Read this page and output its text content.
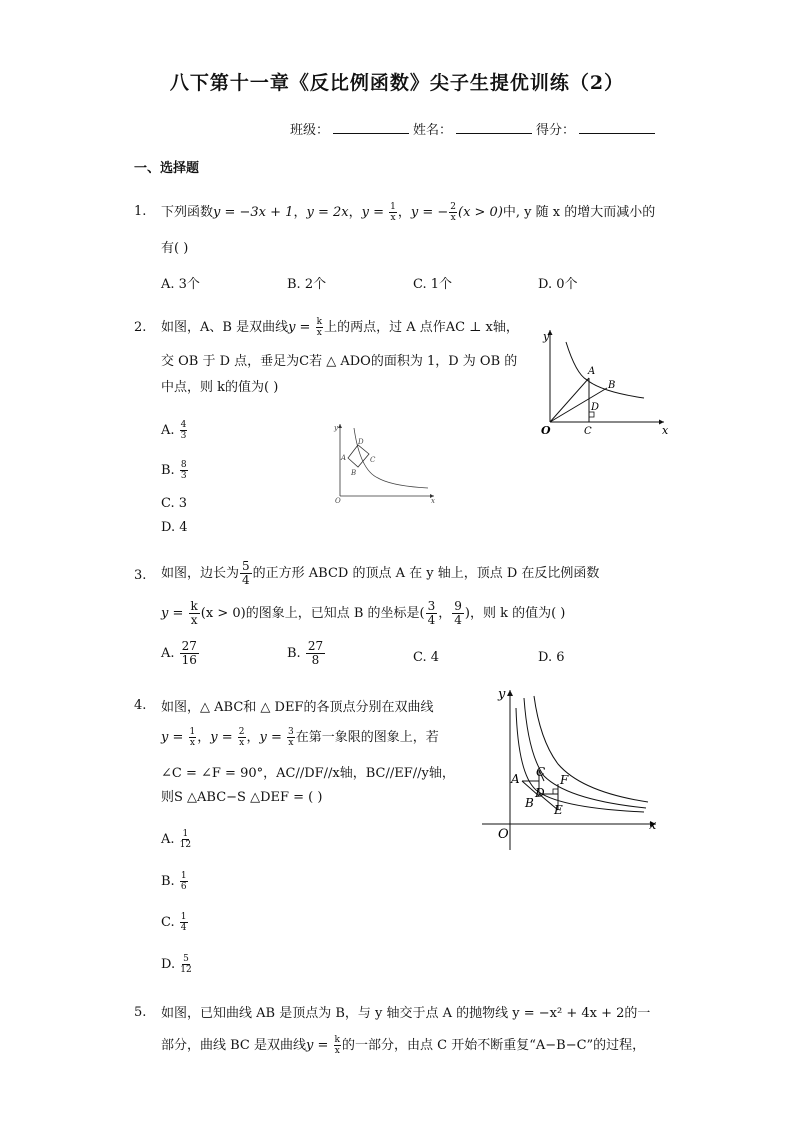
八下第十一章《反比例函数》尖子生提优训练（2）
班级：	姓名：	得分：
一、选择题
1. 下列函数y = −3x + 1，y = 2x，$y = \frac{1}{x}$ ，y = − $\frac{2}{x} (x > 0)$中, y 随 x 的增大而减小的
有( )
A. 3个	B. 2个	C. 1个	D. 0个
2. 如图，A、B 是双曲线$y = \frac{k}{x}$ 上的两点，过 A 点作AC ⊥ x轴，
交 OB 于 D 点，垂足为C若 △ ADO的面积为 1，D 为 OB 的
中点，则 k的值为( )
A. $\frac{4}{3}$
B. $\frac{8}{3}$
C. 3
D. 4
y
x
O
A
B
C
D
y
x
O
A
B
C
D
3. 如图，边长为 $\frac{5}{4}$ 的正方形 ABCD 的顶点 A 在 y 轴上，顶点 D 在反比例函数
$y = \frac{k}{x} (x > 0)$的图象上，已知点 B 的坐标是( $\frac{3}{4}$ ， $\frac{9}{4}$ )，则 k 的值为( )
A. $\frac{27}{16}$	B. $\frac{27}{8}$	C. 4	D. 6
4. 如图，△ ABC和 △ DEF的各顶点分别在双曲线
$y = \frac{1}{x}$ ，$y = \frac{2}{x}$ ，$y = \frac{3}{x}$ 在第一象限的图象上，若
∠C = ∠F = 90°，AC//DF//x轴，BC//EF//y轴，
则S △ABC−S △DEF = ( )
A. $\frac{1}{12}$
B. $\frac{1}{6}$
C. $\frac{1}{4}$
D. $\frac{5}{12}$
y
x
O
A
B
C
D
E
F
5. 如图，已知曲线 AB 是顶点为 B，与 y 轴交于点 A 的抛物线 y = −x² + 4x + 2的一
部分，曲线 BC 是双曲线$y = \frac{k}{x}$ 的一部分，由点 C 开始不断重复“A−B−C”的过程，
